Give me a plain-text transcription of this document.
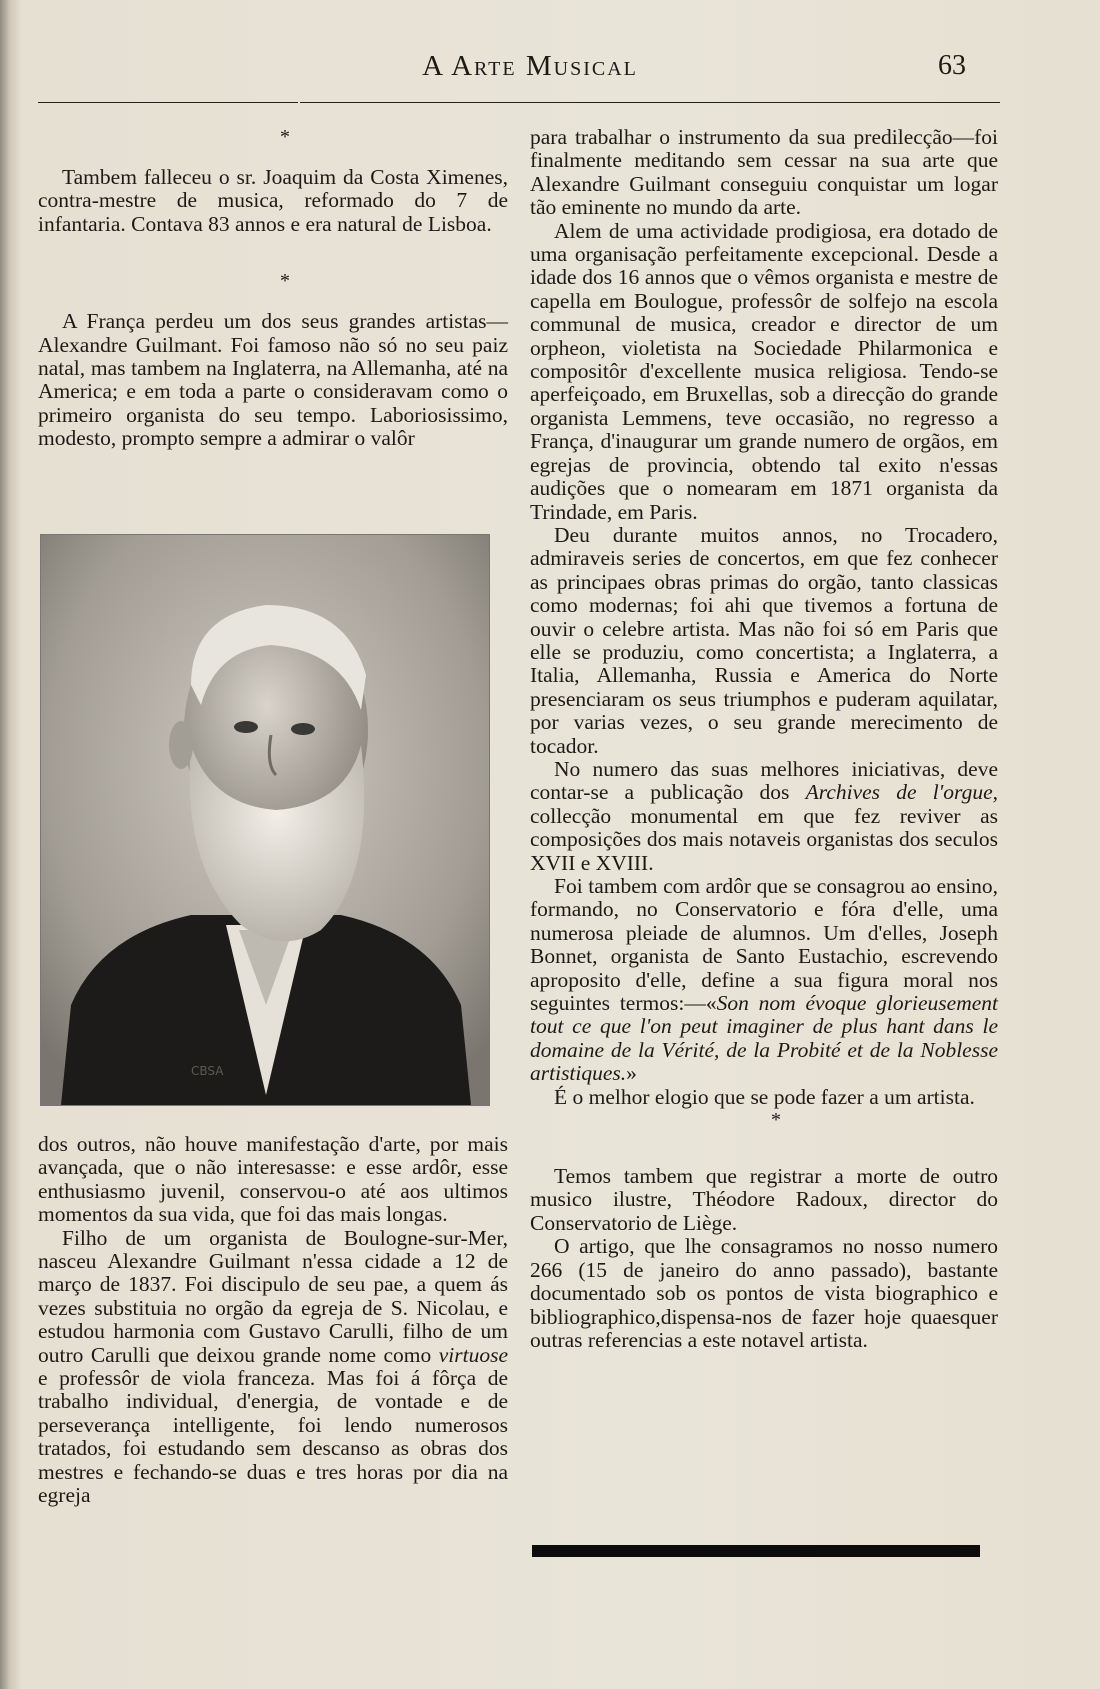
A Arte Musical	63

*

Tambem falleceu o sr. Joaquim da Costa Ximenes, contra-mestre de musica, reformado do 7 de infantaria. Contava 83 annos e era natural de Lisboa.

*

A França perdeu um dos seus grandes artistas—Alexandre Guilmant. Foi famoso não só no seu paiz natal, mas tambem na Inglaterra, na Allemanha, até na America; e em toda a parte o consideravam como o primeiro organista do seu tempo. Laboriosissimo, modesto, prompto sempre a admirar o valôr

CBSA

dos outros, não houve manifestação d'arte, por mais avançada, que o não interesasse: e esse ardôr, esse enthusiasmo juvenil, conservou-o até aos ultimos momentos da sua vida, que foi das mais longas.

Filho de um organista de Boulogne-sur-Mer, nasceu Alexandre Guilmant n'essa cidade a 12 de março de 1837. Foi discipulo de seu pae, a quem ás vezes substituia no orgão da egreja de S. Nicolau, e estudou harmonia com Gustavo Carulli, filho de um outro Carulli que deixou grande nome como virtuose e professôr de viola franceza. Mas foi á fôrça de trabalho individual, d'energia, de vontade e de perseverança intelligente, foi lendo numerosos tratados, foi estudando sem descanso as obras dos mestres e fechando-se duas e tres horas por dia na egreja

para trabalhar o instrumento da sua predilecção—foi finalmente meditando sem cessar na sua arte que Alexandre Guilmant conseguiu conquistar um logar tão eminente no mundo da arte.

Alem de uma actividade prodigiosa, era dotado de uma organisação perfeitamente excepcional. Desde a idade dos 16 annos que o vêmos organista e mestre de capella em Boulogue, professôr de solfejo na escola communal de musica, creador e director de um orpheon, violetista na Sociedade Philarmonica e compositôr d'excellente musica religiosa. Tendo-se aperfeiçoado, em Bruxellas, sob a direcção do grande organista Lemmens, teve occasião, no regresso a França, d'inaugurar um grande numero de orgãos, em egrejas de provincia, obtendo tal exito n'essas audições que o nomearam em 1871 organista da Trindade, em Paris.

Deu durante muitos annos, no Trocadero, admiraveis series de concertos, em que fez conhecer as principaes obras primas do orgão, tanto classicas como modernas; foi ahi que tivemos a fortuna de ouvir o celebre artista. Mas não foi só em Paris que elle se produziu, como concertista; a Inglaterra, a Italia, Allemanha, Russia e America do Norte presenciaram os seus triumphos e puderam aquilatar, por varias vezes, o seu grande merecimento de tocador.

No numero das suas melhores iniciativas, deve contar-se a publicação dos Archives de l'orgue, collecção monumental em que fez reviver as composições dos mais notaveis organistas dos seculos XVII e XVIII.

Foi tambem com ardôr que se consagrou ao ensino, formando, no Conservatorio e fóra d'elle, uma numerosa pleiade de alumnos. Um d'elles, Joseph Bonnet, organista de Santo Eustachio, escrevendo aproposito d'elle, define a sua figura moral nos seguintes termos:—«Son nom évoque glorieusement tout ce que l'on peut imaginer de plus hant dans le domaine de la Vérité, de la Probité et de la Noblesse artistiques.»

É o melhor elogio que se pode fazer a um artista.

*

Temos tambem que registrar a morte de outro musico ilustre, Théodore Radoux, director do Conservatorio de Liège.

O artigo, que lhe consagramos no nosso numero 266 (15 de janeiro do anno passado), bastante documentado sob os pontos de vista biographico e bibliographico,dispensa-nos de fazer hoje quaesquer outras referencias a este notavel artista.
